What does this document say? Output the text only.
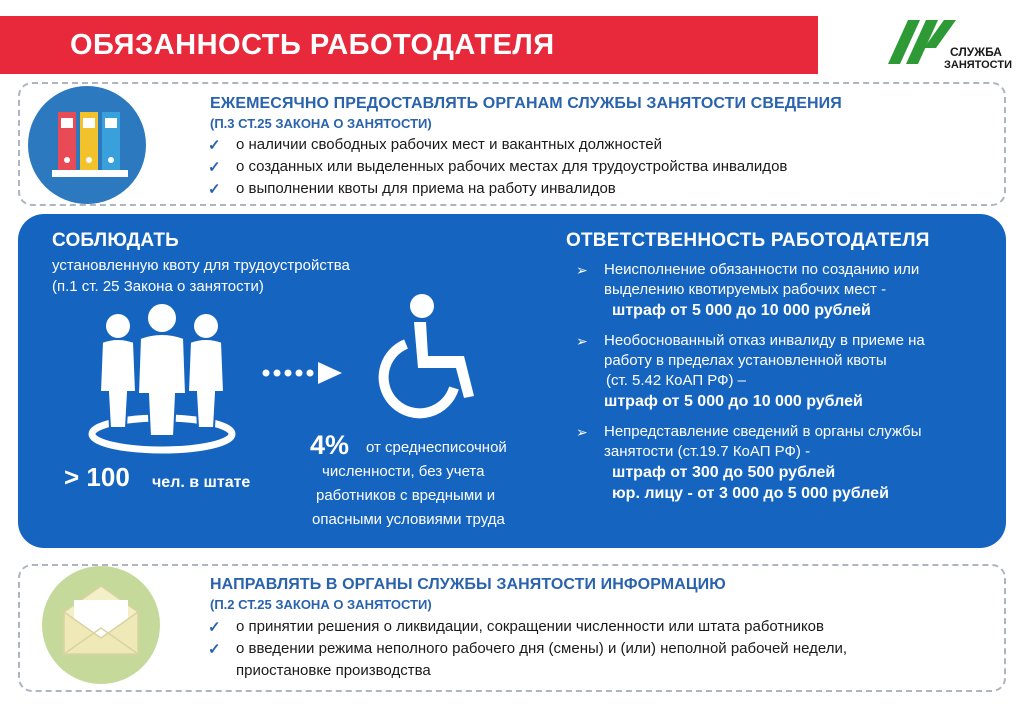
ОБЯЗАННОСТЬ РАБОТОДАТЕЛЯ	СЛУЖБА
ЗАНЯТОСТИ
ЕЖЕМЕСЯЧНО ПРЕДОСТАВЛЯТЬ ОРГАНАМ СЛУЖБЫ ЗАНЯТОСТИ СВЕДЕНИЯ
(П.3 СТ.25 ЗАКОНА О ЗАНЯТОСТИ)
✓ о наличии свободных рабочих мест и вакантных должностей
✓ о созданных или выделенных рабочих местах для трудоустройства инвалидов
✓ о выполнении квоты для приема на работу инвалидов
СОБЛЮДАТЬ
установленную квоту для трудоустройства
(п.1 ст. 25 Закона о занятости)
> 100 чел. в штате
4% от среднесписочной
численности, без учета
работников с вредными и
опасными условиями труда
ОТВЕТСТВЕННОСТЬ РАБОТОДАТЕЛЯ
➢ Неисполнение обязанности по созданию или
выделению квотируемых рабочих мест -
штраф от 5 000 до 10 000 рублей
➢ Необоснованный отказ инвалиду в приеме на
работу в пределах установленной квоты
(ст. 5.42 КоАП РФ) –
штраф от 5 000 до 10 000 рублей
➢ Непредставление сведений в органы службы
занятости (ст.19.7 КоАП РФ) -
штраф от 300 до 500 рублей
юр. лицу - от 3 000 до 5 000 рублей
НАПРАВЛЯТЬ В ОРГАНЫ СЛУЖБЫ ЗАНЯТОСТИ ИНФОРМАЦИЮ
(П.2 СТ.25 ЗАКОНА О ЗАНЯТОСТИ)
✓ о принятии решения о ликвидации, сокращении численности или штата работников
✓ о введении режима неполного рабочего дня (смены) и (или) неполной рабочей недели,
приостановке производства
